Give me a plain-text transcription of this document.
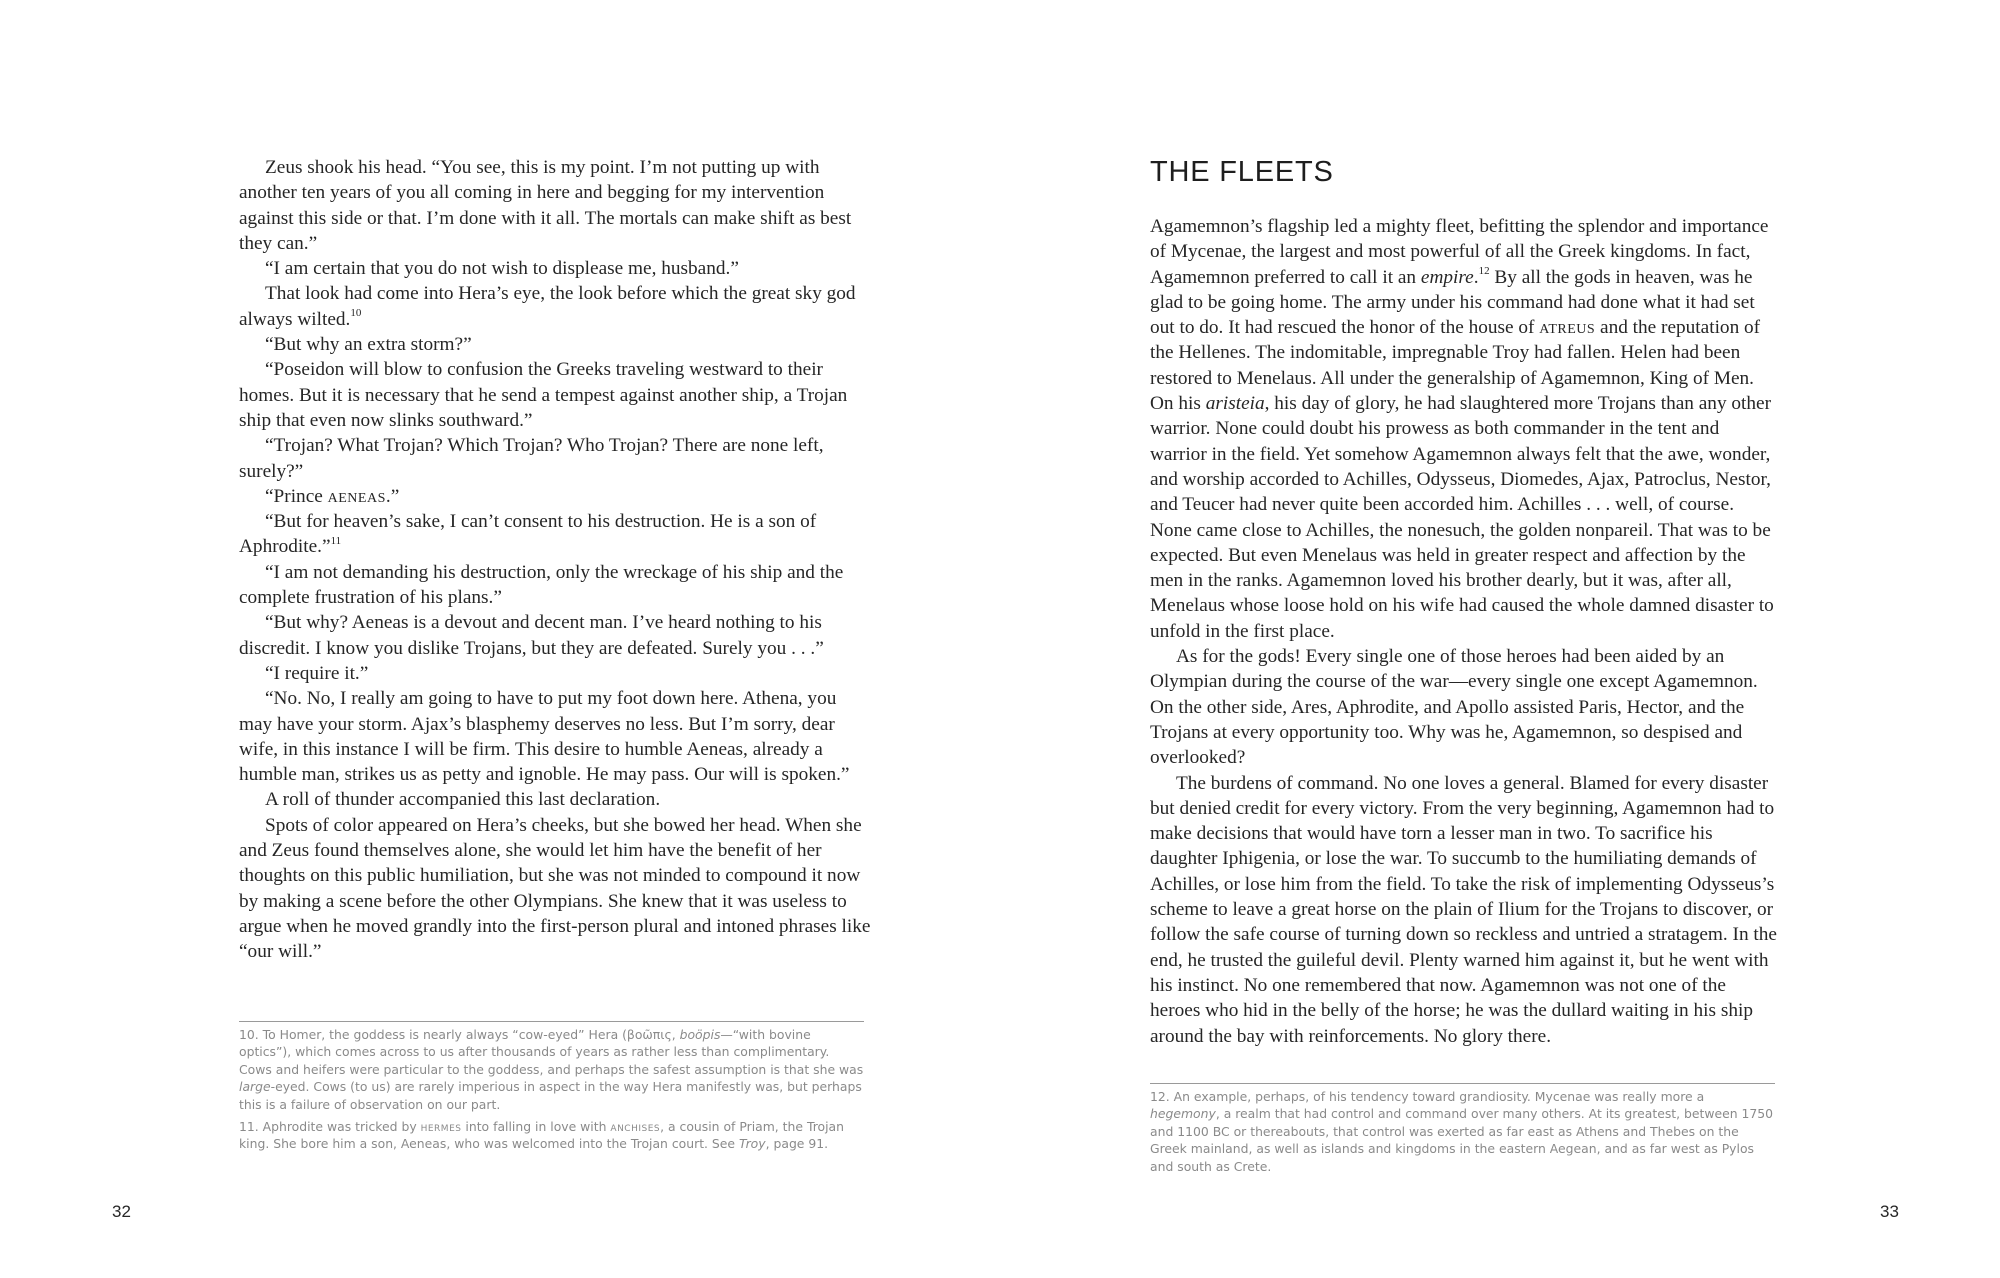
Zeus shook his head. “You see, this is my point. I’m not putting up with another ten years of you all coming in here and begging for my intervention against this side or that. I’m done with it all. The mortals can make shift as best they can.”

“I am certain that you do not wish to displease me, husband.”

That look had come into Hera’s eye, the look before which the great sky god always wilted.$^{10}$

“But why an extra storm?”

“Poseidon will blow to confusion the Greeks traveling westward to their homes. But it is necessary that he send a tempest against another ship, a Trojan ship that even now slinks southward.”

“Trojan? What Trojan? Which Trojan? Who Trojan? There are none left, surely?”

“Prince aeneas.”

“But for heaven’s sake, I can’t consent to his destruction. He is a son of Aphrodite.”$^{11}$

“I am not demanding his destruction, only the wreckage of his ship and the complete frustration of his plans.”

“But why? Aeneas is a devout and decent man. I’ve heard nothing to his discredit. I know you dislike Trojans, but they are defeated. Surely you . . .”

“I require it.”

“No. No, I really am going to have to put my foot down here. Athena, you may have your storm. Ajax’s blasphemy deserves no less. But I’m sorry, dear wife, in this instance I will be firm. This desire to humble Aeneas, already a humble man, strikes us as petty and ignoble. He may pass. Our will is spoken.”

A roll of thunder accompanied this last declaration.

Spots of color appeared on Hera’s cheeks, but she bowed her head. When she and Zeus found themselves alone, she would let him have the benefit of her thoughts on this public humiliation, but she was not minded to compound it now by making a scene before the other Olympians. She knew that it was useless to argue when he moved grandly into the first-person plural and intoned phrases like “our will.”

10. To Homer, the goddess is nearly always “cow-eyed” Hera (βοῶπις, boöpis—“with bovine optics”), which comes across to us after thousands of years as rather less than complimentary. Cows and heifers were particular to the goddess, and perhaps the safest assumption is that she was large-eyed. Cows (to us) are rarely imperious in aspect in the way Hera manifestly was, but perhaps this is a failure of observation on our part.

11. Aphrodite was tricked by hermes into falling in love with anchises, a cousin of Priam, the Trojan king. She bore him a son, Aeneas, who was welcomed into the Trojan court. See Troy, page 91.

32
THE FLEETS

Agamemnon’s flagship led a mighty fleet, befitting the splendor and importance of Mycenae, the largest and most powerful of all the Greek kingdoms. In fact, Agamemnon preferred to call it an empire.$^{12}$ By all the gods in heaven, was he glad to be going home. The army under his command had done what it had set out to do. It had rescued the honor of the house of atreus and the reputation of the Hellenes. The indomitable, impregnable Troy had fallen. Helen had been restored to Menelaus. All under the generalship of Agamemnon, King of Men. On his aristeia, his day of glory, he had slaughtered more Trojans than any other warrior. None could doubt his prowess as both commander in the tent and warrior in the field. Yet somehow Agamemnon always felt that the awe, wonder, and worship accorded to Achilles, Odysseus, Diomedes, Ajax, Patroclus, Nestor, and Teucer had never quite been accorded him. Achilles . . . well, of course. None came close to Achilles, the nonesuch, the golden nonpareil. That was to be expected. But even Menelaus was held in greater respect and affection by the men in the ranks. Agamemnon loved his brother dearly, but it was, after all, Menelaus whose loose hold on his wife had caused the whole damned disaster to unfold in the first place.

As for the gods! Every single one of those heroes had been aided by an Olympian during the course of the war—every single one except Agamemnon. On the other side, Ares, Aphrodite, and Apollo assisted Paris, Hector, and the Trojans at every opportunity too. Why was he, Agamemnon, so despised and overlooked?

The burdens of command. No one loves a general. Blamed for every disaster but denied credit for every victory. From the very beginning, Agamemnon had to make decisions that would have torn a lesser man in two. To sacrifice his daughter Iphigenia, or lose the war. To succumb to the humiliating demands of Achilles, or lose him from the field. To take the risk of implementing Odysseus’s scheme to leave a great horse on the plain of Ilium for the Trojans to discover, or follow the safe course of turning down so reckless and untried a stratagem. In the end, he trusted the guileful devil. Plenty warned him against it, but he went with his instinct. No one remembered that now. Agamemnon was not one of the heroes who hid in the belly of the horse; he was the dullard waiting in his ship around the bay with reinforcements. No glory there.

12. An example, perhaps, of his tendency toward grandiosity. Mycenae was really more a hegemony, a realm that had control and command over many others. At its greatest, between 1750 and 1100 BC or thereabouts, that control was exerted as far east as Athens and Thebes on the Greek mainland, as well as islands and kingdoms in the eastern Aegean, and as far west as Pylos and south as Crete.

33
